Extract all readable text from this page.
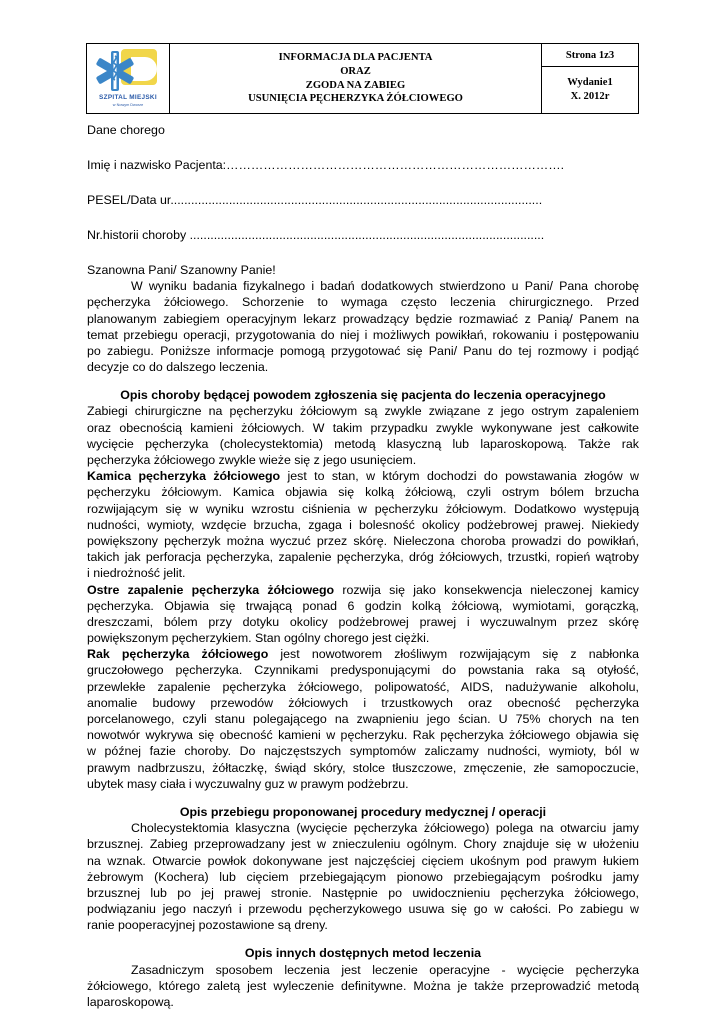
SZPITAL MIEJSKI
w Nowym Dworze
INFORMACJA DLA PACJENTA
ORAZ
ZGODA NA ZABIEG
USUNIĘCIA PĘCHERZYKA ŻÓŁCIOWEGO
Strona 1z3
Wydanie1
X. 2012r
Dane chorego
Imię i nazwisko Pacjenta:……………………………………………………………………….
PESEL/Data ur............................................................................................................
Nr.historii choroby .......................................................................................................
Szanowna Pani/ Szanowny Panie!
W wyniku badania fizykalnego i badań dodatkowych stwierdzono u Pani/ Pana chorobę
pęcherzyka żółciowego. Schorzenie to wymaga często leczenia chirurgicznego. Przed
planowanym zabiegiem operacyjnym lekarz prowadzący będzie rozmawiać z Panią/ Panem na
temat przebiegu operacji, przygotowania do niej i możliwych powikłań, rokowaniu i postępowaniu
po zabiegu. Poniższe informacje pomogą przygotować się Pani/ Panu do tej rozmowy i podjąć
decyzje co do dalszego leczenia.
Opis choroby będącej powodem zgłoszenia się pacjenta do leczenia operacyjnego
Zabiegi chirurgiczne na pęcherzyku żółciowym są zwykle związane z jego ostrym zapaleniem
oraz obecnością kamieni żółciowych. W takim przypadku zwykle wykonywane jest całkowite
wycięcie pęcherzyka (cholecystektomia) metodą klasyczną lub laparoskopową. Także rak
pęcherzyka żółciowego zwykle wieże się z jego usunięciem.
Kamica pęcherzyka żółciowego jest to stan, w którym dochodzi do powstawania złogów w
pęcherzyku żółciowym. Kamica objawia się kolką żółciową, czyli ostrym bólem brzucha
rozwijającym się w wyniku wzrostu ciśnienia w pęcherzyku żółciowym. Dodatkowo występują
nudności, wymioty, wzdęcie brzucha, zgaga i bolesność okolicy podżebrowej prawej. Niekiedy
powiększony pęcherzyk można wyczuć przez skórę. Nieleczona choroba prowadzi do powikłań,
takich jak perforacja pęcherzyka, zapalenie pęcherzyka, dróg żółciowych, trzustki, ropień wątroby
i niedrożność jelit.
Ostre zapalenie pęcherzyka żółciowego rozwija się jako konsekwencja nieleczonej kamicy
pęcherzyka. Objawia się trwającą ponad 6 godzin kolką żółciową, wymiotami, gorączką,
dreszczami, bólem przy dotyku okolicy podżebrowej prawej i wyczuwalnym przez skórę
powiększonym pęcherzykiem. Stan ogólny chorego jest ciężki.
Rak pęcherzyka żółciowego jest nowotworem złośliwym rozwijającym się z nabłonka
gruczołowego pęcherzyka. Czynnikami predysponującymi do powstania raka są otyłość,
przewlekłe zapalenie pęcherzyka żółciowego, polipowatość, AIDS, nadużywanie alkoholu,
anomalie budowy przewodów żółciowych i trzustkowych oraz obecność pęcherzyka
porcelanowego, czyli stanu polegającego na zwapnieniu jego ścian. U 75% chorych na ten
nowotwór wykrywa się obecność kamieni w pęcherzyku. Rak pęcherzyka żółciowego objawia się
w późnej fazie choroby. Do najczęstszych symptomów zaliczamy nudności, wymioty, ból w
prawym nadbrzuszu, żółtaczkę, świąd skóry, stolce tłuszczowe, zmęczenie, złe samopoczucie,
ubytek masy ciała i wyczuwalny guz w prawym podżebrzu.
Opis przebiegu proponowanej procedury medycznej / operacji
Cholecystektomia klasyczna (wycięcie pęcherzyka żółciowego) polega na otwarciu jamy
brzusznej. Zabieg przeprowadzany jest w znieczuleniu ogólnym. Chory znajduje się w ułożeniu
na wznak. Otwarcie powłok dokonywane jest najczęściej cięciem ukośnym pod prawym łukiem
żebrowym (Kochera) lub cięciem przebiegającym pionowo przebiegającym pośrodku jamy
brzusznej lub po jej prawej stronie. Następnie po uwidocznieniu pęcherzyka żółciowego,
podwiązaniu jego naczyń i przewodu pęcherzykowego usuwa się go w całości. Po zabiegu w
ranie pooperacyjnej pozostawione są dreny.
Opis innych dostępnych metod leczenia
Zasadniczym sposobem leczenia jest leczenie operacyjne - wycięcie pęcherzyka
żółciowego, którego zaletą jest wyleczenie definitywne. Można je także przeprowadzić metodą
laparoskopową.
